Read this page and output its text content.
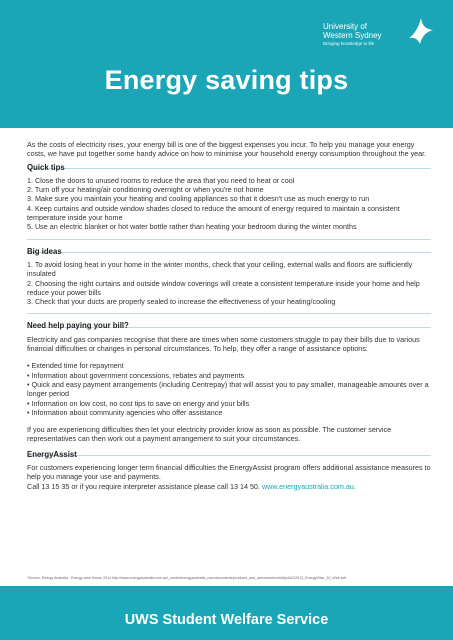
University of
Western Sydney
Bringing knowledge to life
Energy saving tips

As the costs of electricity rises, your energy bill is one of the biggest expenses you incur. To help you manage your energy costs, we have put together some handy advice on how to minimise your household energy consumption throughout the year.

Quick tips

1. Close the doors to unused rooms to reduce the area that you need to heat or cool

2. Turn off your heating/air conditioning overnight or when you're not home

3. Make sure you maintain your heating and cooling appliances so that it doesn't use as much energy to run

4. Keep curtains and outside window shades closed to reduce the amount of energy required to maintain a consistent temperature inside your home

5. Use an electric blanket or hot water bottle rather than heating your bedroom during the winter months

Big ideas

1. To avoid losing heat in your home in the winter months, check that your ceiling, external walls and floors are sufficiently insulated

2. Choosing the right curtains and outside window coverings will create a consistent temperature inside your home and help reduce your power bills

3. Check that your ducts are properly sealed to increase the effectiveness of your heating/cooling

Need help paying your bill?

Electricity and gas companies recognise that there are times when some customers struggle to pay their bills due to various financial difficulties or changes in personal circumstances. To help, they offer a range of assistance options:

• Extended time for repayment

• Information about government concessions, rebates and payments

• Quick and easy payment arrangements (including Centrepay) that will assist you to pay smaller, manageable amounts over a longer period

• Information on low cost, no cost tips to save on energy and your bills

• Information about community agencies who offer assistance

If you are experiencing difficulties then let your electricity provider know as soon as possible. The customer service representatives can then work out a payment arrangement to suit your circumstances.

EnergyAssist

For customers experiencing longer term financial difficulties the EnergyAssist program offers additional assistance measures to help you manage your use and payments.

Call 13 15 35 or if you require interpreter assistance please call 13 14 50. www.energyaustralia.com.au.

*Source: Energy Australia - Energy wise House 2014 http://www.energyaustralia.com.au/_media/energyaustralia_nsw/documents/products_and_services/electricity/AUG2013_EnergyWise_20_Web.pdf
UWS Student Welfare Service
